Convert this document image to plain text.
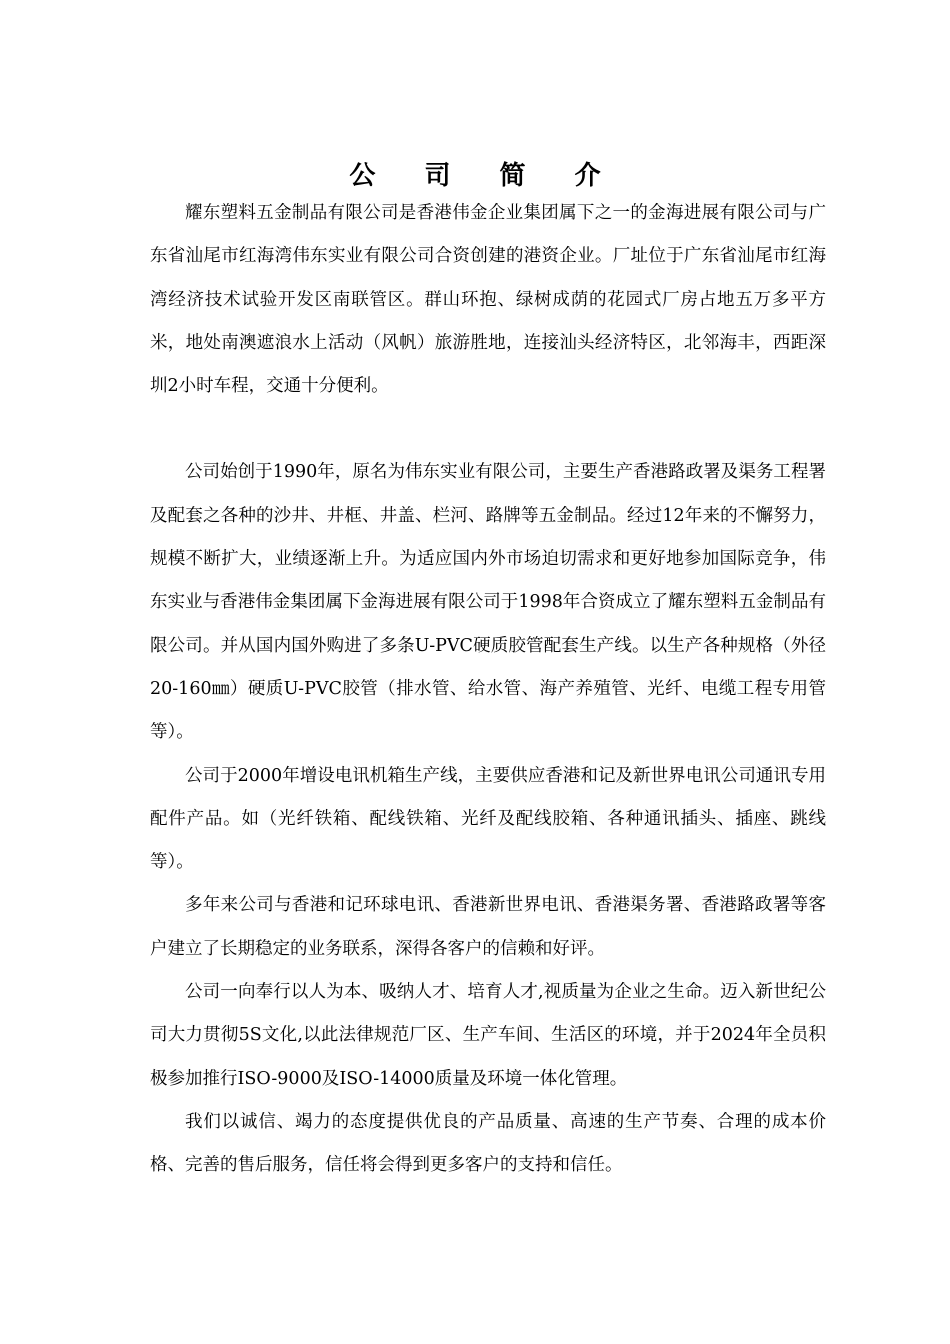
公 司 简 介

耀东塑料五金制品有限公司是香港伟金企业集团属下之一的金海进展有限公司与广东省汕尾市红海湾伟东实业有限公司合资创建的港资企业。厂址位于广东省汕尾市红海湾经济技术试验开发区南联管区。群山环抱、绿树成荫的花园式厂房占地五万多平方米，地处南澳遮浪水上活动（风帆）旅游胜地，连接汕头经济特区，北邻海丰，西距深圳2小时车程，交通十分便利。

公司始创于1990年，原名为伟东实业有限公司，主要生产香港路政署及渠务工程署及配套之各种的沙井、井框、井盖、栏河、路牌等五金制品。经过12年来的不懈努力，规模不断扩大，业绩逐渐上升。为适应国内外市场迫切需求和更好地参加国际竞争，伟东实业与香港伟金集团属下金海进展有限公司于1998年合资成立了耀东塑料五金制品有限公司。并从国内国外购进了多条U-PVC硬质胶管配套生产线。以生产各种规格（外径20-160㎜）硬质U-PVC胶管（排水管、给水管、海产养殖管、光纤、电缆工程专用管等）。

公司于2000年增设电讯机箱生产线，主要供应香港和记及新世界电讯公司通讯专用配件产品。如（光纤铁箱、配线铁箱、光纤及配线胶箱、各种通讯插头、插座、跳线等）。

多年来公司与香港和记环球电讯、香港新世界电讯、香港渠务署、香港路政署等客户建立了长期稳定的业务联系，深得各客户的信赖和好评。

公司一向奉行以人为本、吸纳人才、培育人才,视质量为企业之生命。迈入新世纪公司大力贯彻5S文化,以此法律规范厂区、生产车间、生活区的环境，并于2024年全员积极参加推行ISO-9000及ISO-14000质量及环境一体化管理。

我们以诚信、竭力的态度提供优良的产品质量、高速的生产节奏、合理的成本价格、完善的售后服务，信任将会得到更多客户的支持和信任。
